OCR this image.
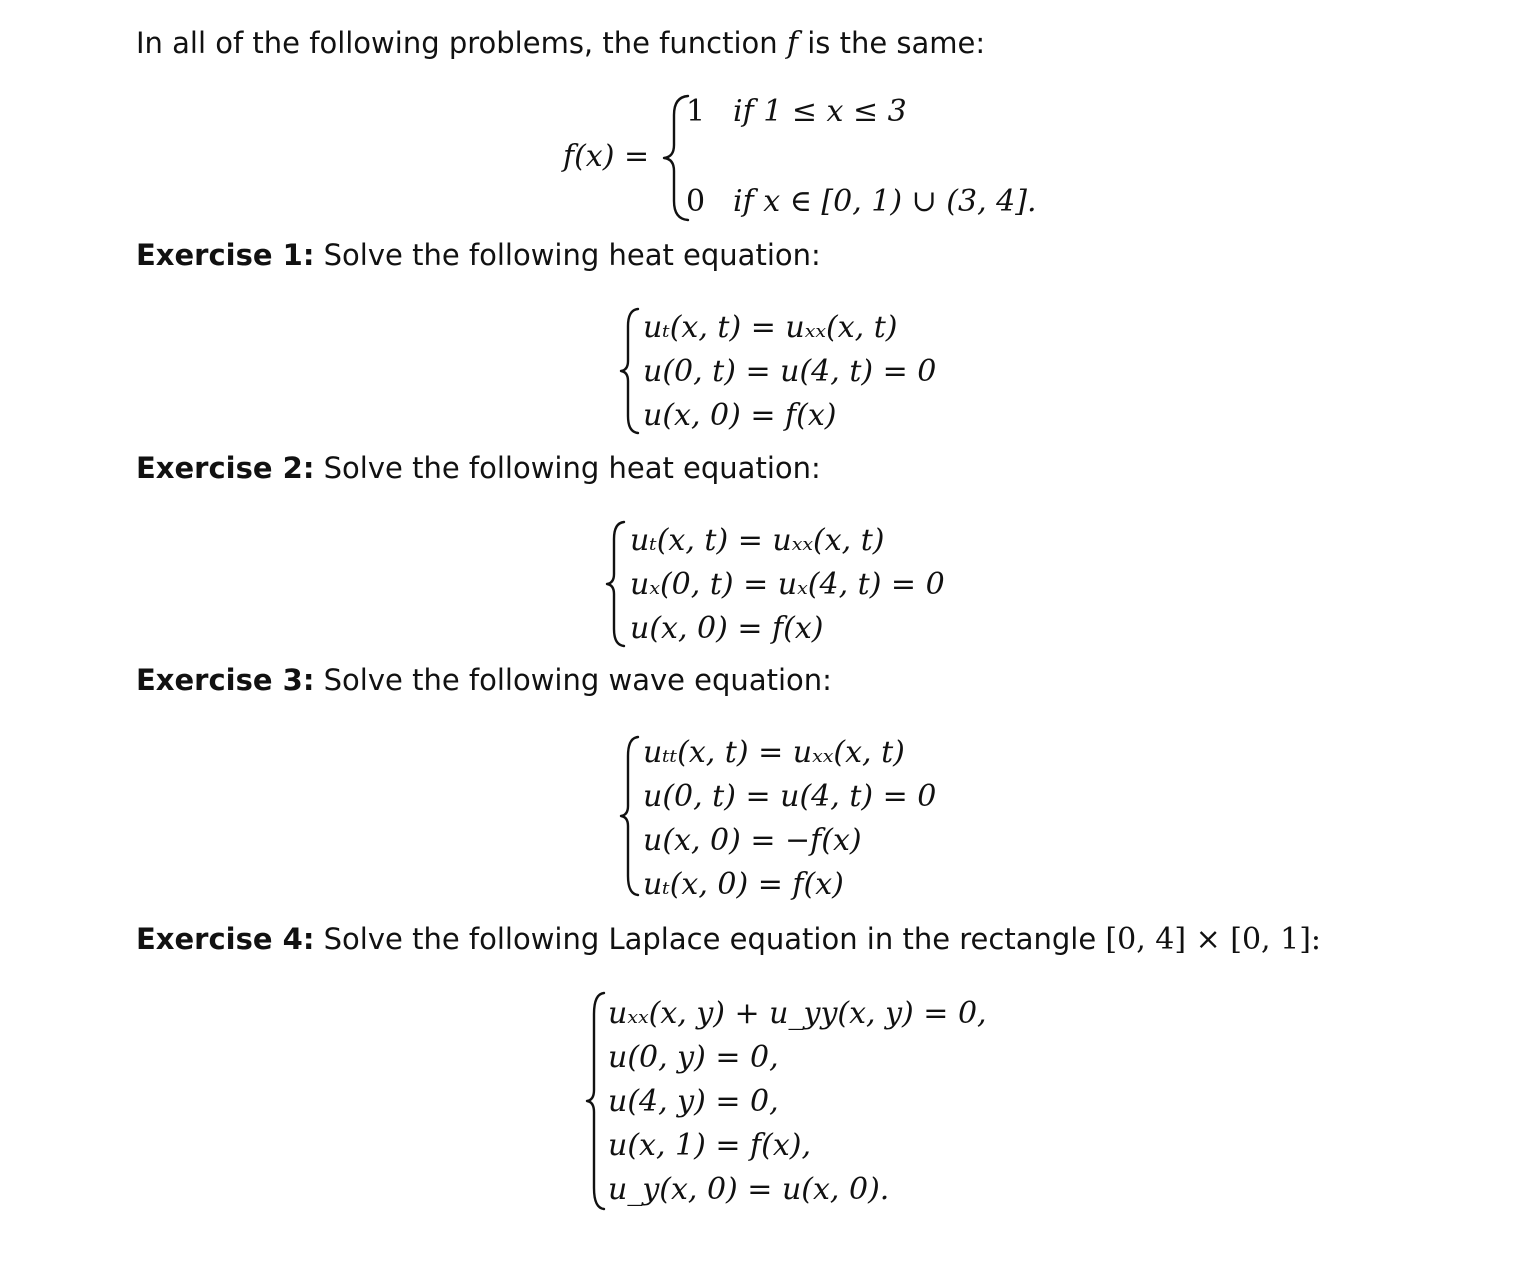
In all of the following problems, the function f is the same:
f(x) =
1 if 1 ≤ x ≤ 3
0 if x ∈ [0, 1) ∪ (3, 4].
Exercise 1: Solve the following heat equation:
uₜ(x, t) = uₓₓ(x, t)
u(0, t) = u(4, t) = 0
u(x, 0) = f(x)
Exercise 2: Solve the following heat equation:
uₜ(x, t) = uₓₓ(x, t)
uₓ(0, t) = uₓ(4, t) = 0
u(x, 0) = f(x)
Exercise 3: Solve the following wave equation:
uₜₜ(x, t) = uₓₓ(x, t)
u(0, t) = u(4, t) = 0
u(x, 0) = −f(x)
uₜ(x, 0) = f(x)
Exercise 4: Solve the following Laplace equation in the rectangle [0, 4] × [0, 1]:
uₓₓ(x, y) + u_yy(x, y) = 0,
u(0, y) = 0,
u(4, y) = 0,
u(x, 1) = f(x),
u_y(x, 0) = u(x, 0).
